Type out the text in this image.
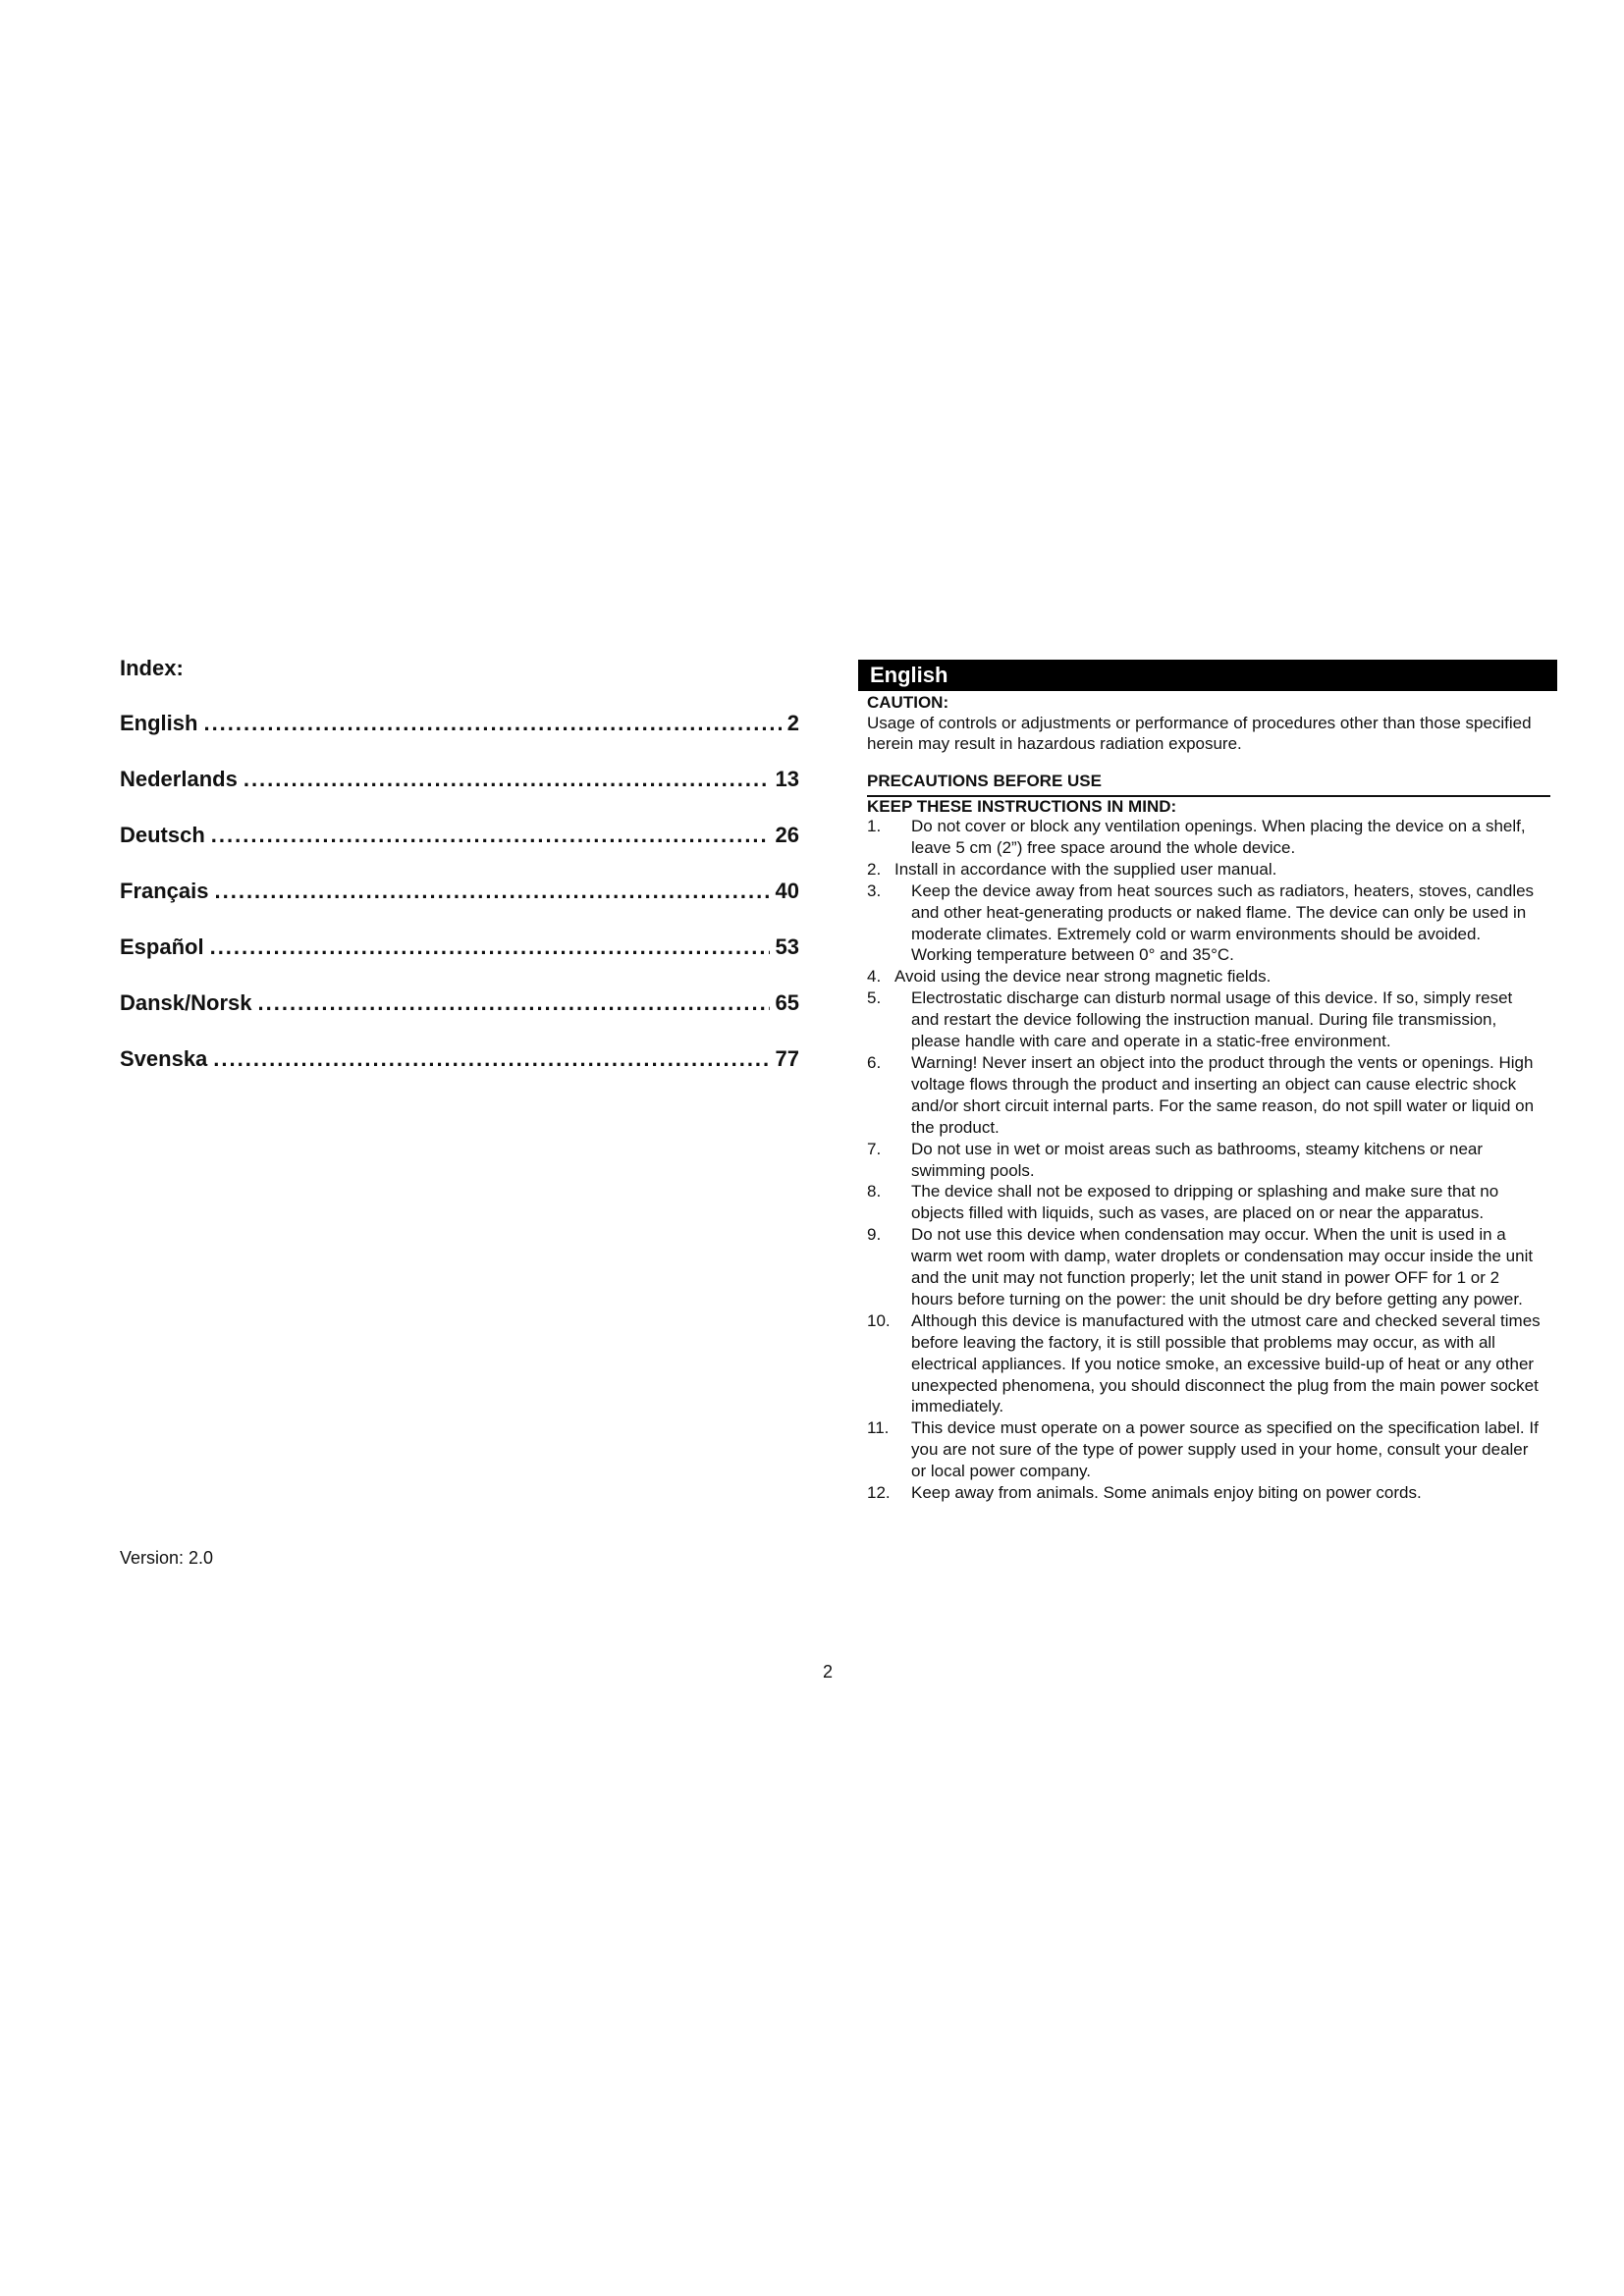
Index:
English .....	2
Nederlands .....	13
Deutsch .....	26
Français .....	40
Español .....	53
Dansk/Norsk .....	65
Svenska .....	77
Version: 2.0
English
CAUTION:
Usage of controls or adjustments or performance of procedures other than those specified herein may result in hazardous radiation exposure.
PRECAUTIONS BEFORE USE
KEEP THESE INSTRUCTIONS IN MIND:
1.	Do not cover or block any ventilation openings. When placing the device on a shelf, leave 5 cm (2”) free space around the whole device.
2. Install in accordance with the supplied user manual.
3.	Keep the device away from heat sources such as radiators, heaters, stoves, candles and other heat-generating products or naked flame. The device can only be used in moderate climates. Extremely cold or warm environments should be avoided. Working temperature between 0° and 35°C.
4. Avoid using the device near strong magnetic fields.
5.	Electrostatic discharge can disturb normal usage of this device. If so, simply reset and restart the device following the instruction manual. During file transmission, please handle with care and operate in a static-free environment.
6.	Warning! Never insert an object into the product through the vents or openings. High voltage flows through the product and inserting an object can cause electric shock and/or short circuit internal parts. For the same reason, do not spill water or liquid on the product.
7.	Do not use in wet or moist areas such as bathrooms, steamy kitchens or near swimming pools.
8.	The device shall not be exposed to dripping or splashing and make sure that no objects filled with liquids, such as vases, are placed on or near the apparatus.
9.	Do not use this device when condensation may occur. When the unit is used in a warm wet room with damp, water droplets or condensation may occur inside the unit and the unit may not function properly; let the unit stand in power OFF for 1 or 2 hours before turning on the power: the unit should be dry before getting any power.
10.	Although this device is manufactured with the utmost care and checked several times before leaving the factory, it is still possible that problems may occur, as with all electrical appliances. If you notice smoke, an excessive build-up of heat or any other unexpected phenomena, you should disconnect the plug from the main power socket immediately.
11.	This device must operate on a power source as specified on the specification label. If you are not sure of the type of power supply used in your home, consult your dealer or local power company.
12.	Keep away from animals. Some animals enjoy biting on power cords.
2
